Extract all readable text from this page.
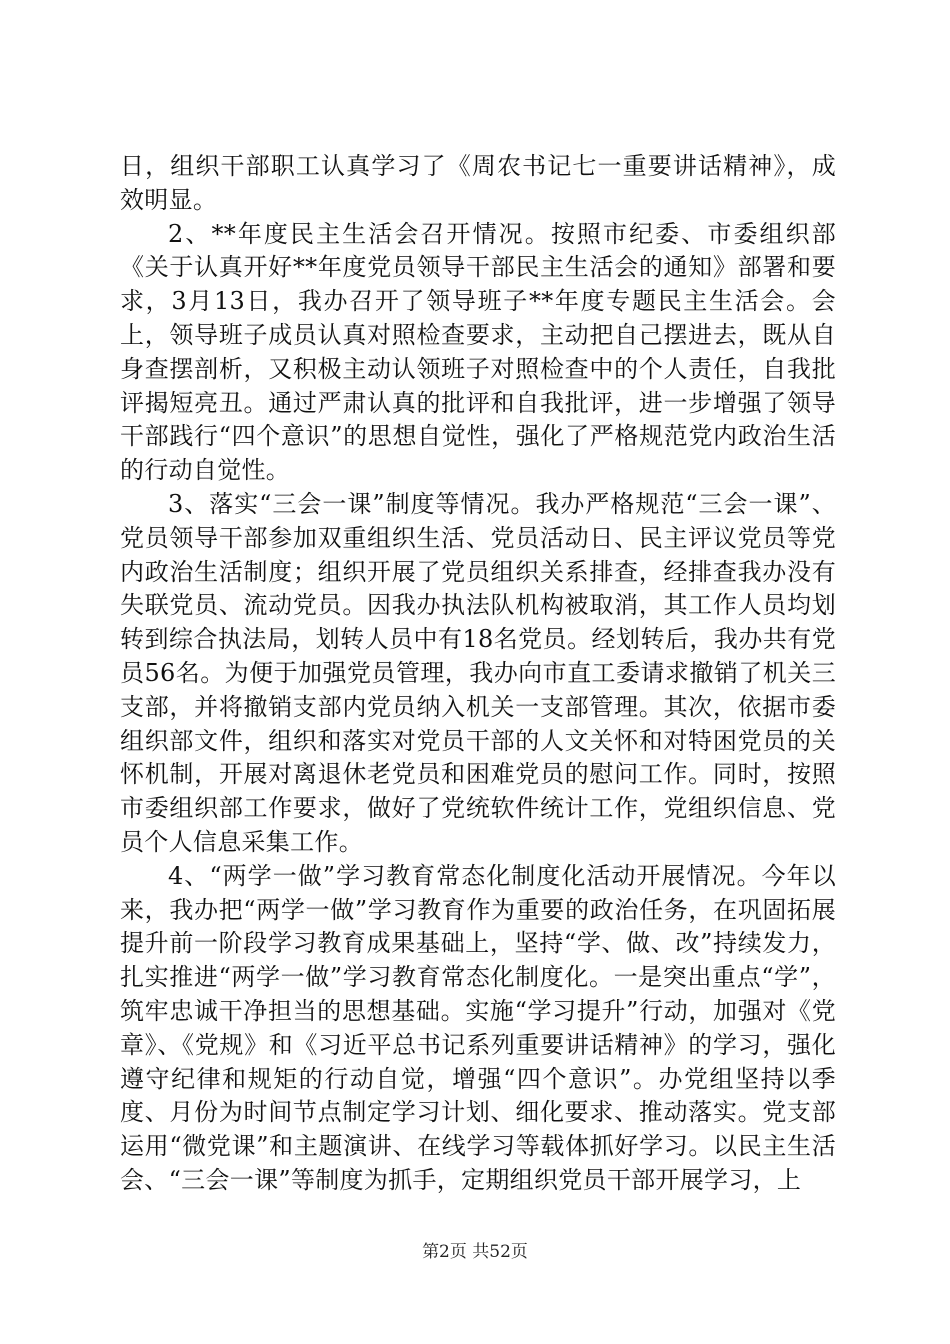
日，组织干部职工认真学习了《周农书记七一重要讲话精神》，成效明显。

2、**年度民主生活会召开情况。按照市纪委、市委组织部《关于认真开好**年度党员领导干部民主生活会的通知》部署和要求，3月13日，我办召开了领导班子**年度专题民主生活会。会上，领导班子成员认真对照检查要求，主动把自己摆进去，既从自身查摆剖析，又积极主动认领班子对照检查中的个人责任，自我批评揭短亮丑。通过严肃认真的批评和自我批评，进一步增强了领导干部践行“四个意识”的思想自觉性，强化了严格规范党内政治生活的行动自觉性。

3、落实“三会一课”制度等情况。我办严格规范“三会一课”、党员领导干部参加双重组织生活、党员活动日、民主评议党员等党内政治生活制度；组织开展了党员组织关系排查，经排查我办没有失联党员、流动党员。因我办执法队机构被取消，其工作人员均划转到综合执法局，划转人员中有18名党员。经划转后，我办共有党员56名。为便于加强党员管理，我办向市直工委请求撤销了机关三支部，并将撤销支部内党员纳入机关一支部管理。其次，依据市委组织部文件，组织和落实对党员干部的人文关怀和对特困党员的关怀机制，开展对离退休老党员和困难党员的慰问工作。同时，按照市委组织部工作要求，做好了党统软件统计工作，党组织信息、党员个人信息采集工作。

4、“两学一做”学习教育常态化制度化活动开展情况。今年以来，我办把“两学一做”学习教育作为重要的政治任务，在巩固拓展提升前一阶段学习教育成果基础上，坚持“学、做、改”持续发力，扎实推进“两学一做”学习教育常态化制度化。一是突出重点“学”，筑牢忠诚干净担当的思想基础。实施“学习提升”行动，加强对《党章》、《党规》和《习近平总书记系列重要讲话精神》的学习，强化遵守纪律和规矩的行动自觉，增强“四个意识”。办党组坚持以季度、月份为时间节点制定学习计划、细化要求、推动落实。党支部运用“微党课”和主题演讲、在线学习等载体抓好学习。以民主生活会、“三会一课”等制度为抓手，定期组织党员干部开展学习，上

第2页 共52页
